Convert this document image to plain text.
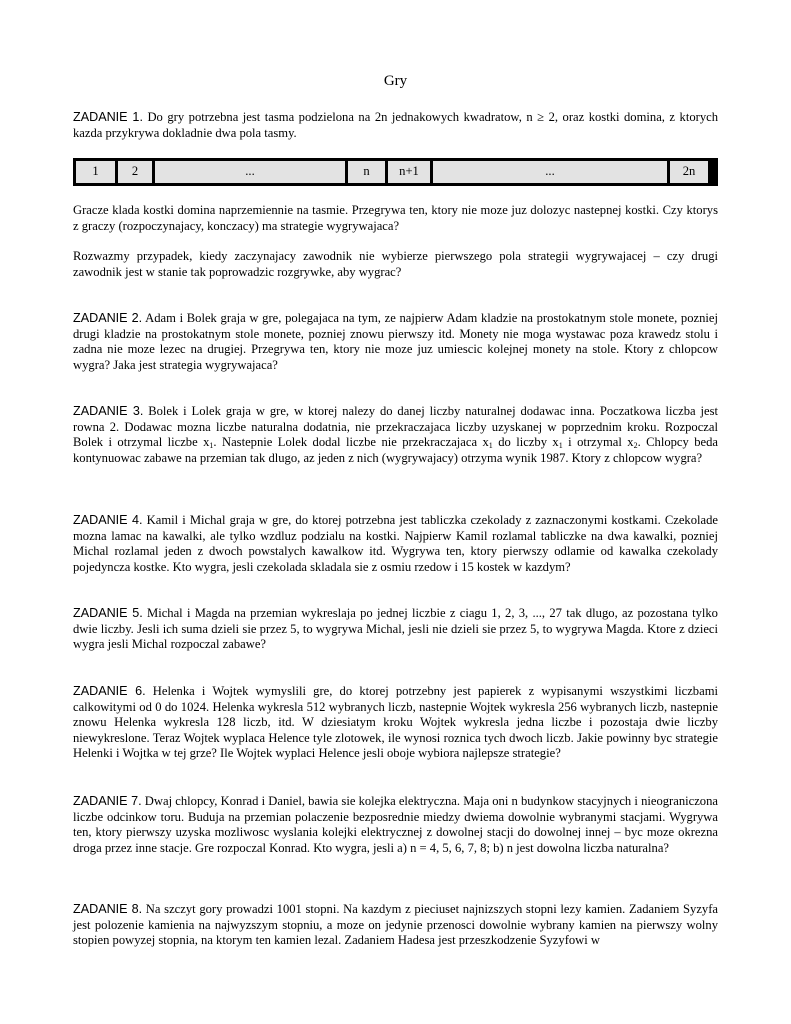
Gry

ZADANIE 1. Do gry potrzebna jest tasma podzielona na 2n jednakowych kwadratow, n ≥ 2, oraz kostki domina, z ktorych kazda przykrywa dokladnie dwa pola tasmy.

1	2	...	n	n+1	...	2n

Gracze klada kostki domina naprzemiennie na tasmie. Przegrywa ten, ktory nie moze juz dolozyc nastepnej kostki. Czy ktorys z graczy (rozpoczynajacy, konczacy) ma strategie wygrywajaca?

Rozwazmy przypadek, kiedy zaczynajacy zawodnik nie wybierze pierwszego pola strategii wygrywajacej – czy drugi zawodnik jest w stanie tak poprowadzic rozgrywke, aby wygrac?

ZADANIE 2. Adam i Bolek graja w gre, polegajaca na tym, ze najpierw Adam kladzie na prostokatnym stole monete, pozniej drugi kladzie na prostokatnym stole monete, pozniej znowu pierwszy itd. Monety nie moga wystawac poza krawedz stolu i zadna nie moze lezec na drugiej. Przegrywa ten, ktory nie moze juz umiescic kolejnej monety na stole. Ktory z chlopcow wygra? Jaka jest strategia wygrywajaca?

ZADANIE 3. Bolek i Lolek graja w gre, w ktorej nalezy do danej liczby naturalnej dodawac inna. Poczatkowa liczba jest rowna 2. Dodawac mozna liczbe naturalna dodatnia, nie przekraczajaca liczby uzyskanej w poprzednim kroku. Rozpoczal Bolek i otrzymal liczbe $x_1$. Nastepnie Lolek dodal liczbe nie przekraczajaca $x_1$ do liczby $x_1$ i otrzymal $x_2$. Chlopcy beda kontynuowac zabawe na przemian tak dlugo, az jeden z nich (wygrywajacy) otrzyma wynik 1987. Ktory z chlopcow wygra?

ZADANIE 4. Kamil i Michal graja w gre, do ktorej potrzebna jest tabliczka czekolady z zaznaczonymi kostkami. Czekolade mozna lamac na kawalki, ale tylko wzdluz podzialu na kostki. Najpierw Kamil rozlamal tabliczke na dwa kawalki, pozniej Michal rozlamal jeden z dwoch powstalych kawalkow itd. Wygrywa ten, ktory pierwszy odlamie od kawalka czekolady pojedyncza kostke. Kto wygra, jesli czekolada skladala sie z osmiu rzedow i 15 kostek w kazdym?

ZADANIE 5. Michal i Magda na przemian wykreslaja po jednej liczbie z ciagu 1, 2, 3, ..., 27 tak dlugo, az pozostana tylko dwie liczby. Jesli ich suma dzieli sie przez 5, to wygrywa Michal, jesli nie dzieli sie przez 5, to wygrywa Magda. Ktore z dzieci wygra jesli Michal rozpoczal zabawe?

ZADANIE 6. Helenka i Wojtek wymyslili gre, do ktorej potrzebny jest papierek z wypisanymi wszystkimi liczbami calkowitymi od 0 do 1024. Helenka wykresla 512 wybranych liczb, nastepnie Wojtek wykresla 256 wybranych liczb, nastepnie znowu Helenka wykresla 128 liczb, itd. W dziesiatym kroku Wojtek wykresla jedna liczbe i pozostaja dwie liczby niewykreslone. Teraz Wojtek wyplaca Helence tyle zlotowek, ile wynosi roznica tych dwoch liczb. Jakie powinny byc strategie Helenki i Wojtka w tej grze? Ile Wojtek wyplaci Helence jesli oboje wybiora najlepsze strategie?

ZADANIE 7. Dwaj chlopcy, Konrad i Daniel, bawia sie kolejka elektryczna. Maja oni n budynkow stacyjnych i nieograniczona liczbe odcinkow toru. Buduja na przemian polaczenie bezposrednie miedzy dwiema dowolnie wybranymi stacjami. Wygrywa ten, ktory pierwszy uzyska mozliwosc wyslania kolejki elektrycznej z dowolnej stacji do dowolnej innej – byc moze okrezna droga przez inne stacje. Gre rozpoczal Konrad. Kto wygra, jesli a) n = 4, 5, 6, 7, 8; b) n jest dowolna liczba naturalna?

ZADANIE 8. Na szczyt gory prowadzi 1001 stopni. Na kazdym z pieciuset najnizszych stopni lezy kamien. Zadaniem Syzyfa jest polozenie kamienia na najwyzszym stopniu, a moze on jedynie przenosci dowolnie wybrany kamien na pierwszy wolny stopien powyzej stopnia, na ktorym ten kamien lezal. Zadaniem Hadesa jest przeszkodzenie Syzyfowi w
